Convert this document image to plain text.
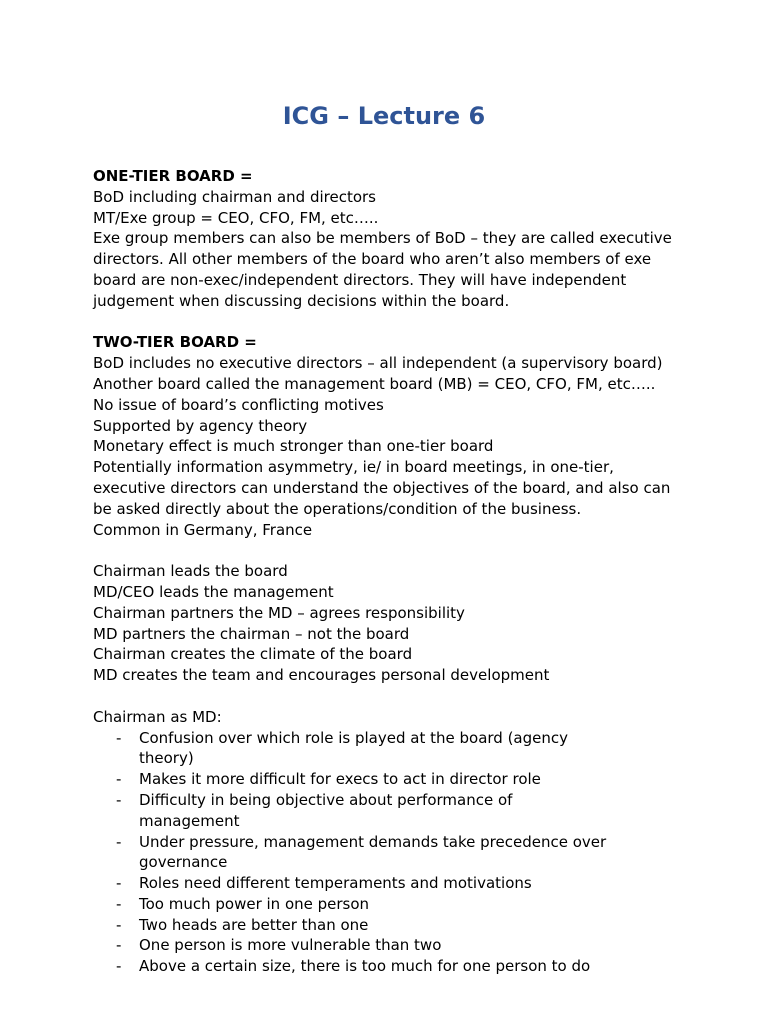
ICG – Lecture 6
ONE-TIER BOARD =
BoD including chairman and directors
MT/Exe group = CEO, CFO, FM, etc…..
Exe group members can also be members of BoD – they are called executive
directors. All other members of the board who aren’t also members of exe
board are non-exec/independent directors. They will have independent
judgement when discussing decisions within the board.
TWO-TIER BOARD =
BoD includes no executive directors – all independent (a supervisory board)
Another board called the management board (MB) = CEO, CFO, FM, etc…..
No issue of board’s conflicting motives
Supported by agency theory
Monetary effect is much stronger than one-tier board
Potentially information asymmetry, ie/ in board meetings, in one-tier,
executive directors can understand the objectives of the board, and also can
be asked directly about the operations/condition of the business.
Common in Germany, France
Chairman leads the board
MD/CEO leads the management
Chairman partners the MD – agrees responsibility
MD partners the chairman – not the board
Chairman creates the climate of the board
MD creates the team and encourages personal development
Chairman as MD:
- Confusion over which role is played at the board (agency theory)
- Makes it more difficult for execs to act in director role
- Difficulty in being objective about performance of management
- Under pressure, management demands take precedence over governance
- Roles need different temperaments and motivations
- Too much power in one person
- Two heads are better than one
- One person is more vulnerable than two
- Above a certain size, there is too much for one person to do
